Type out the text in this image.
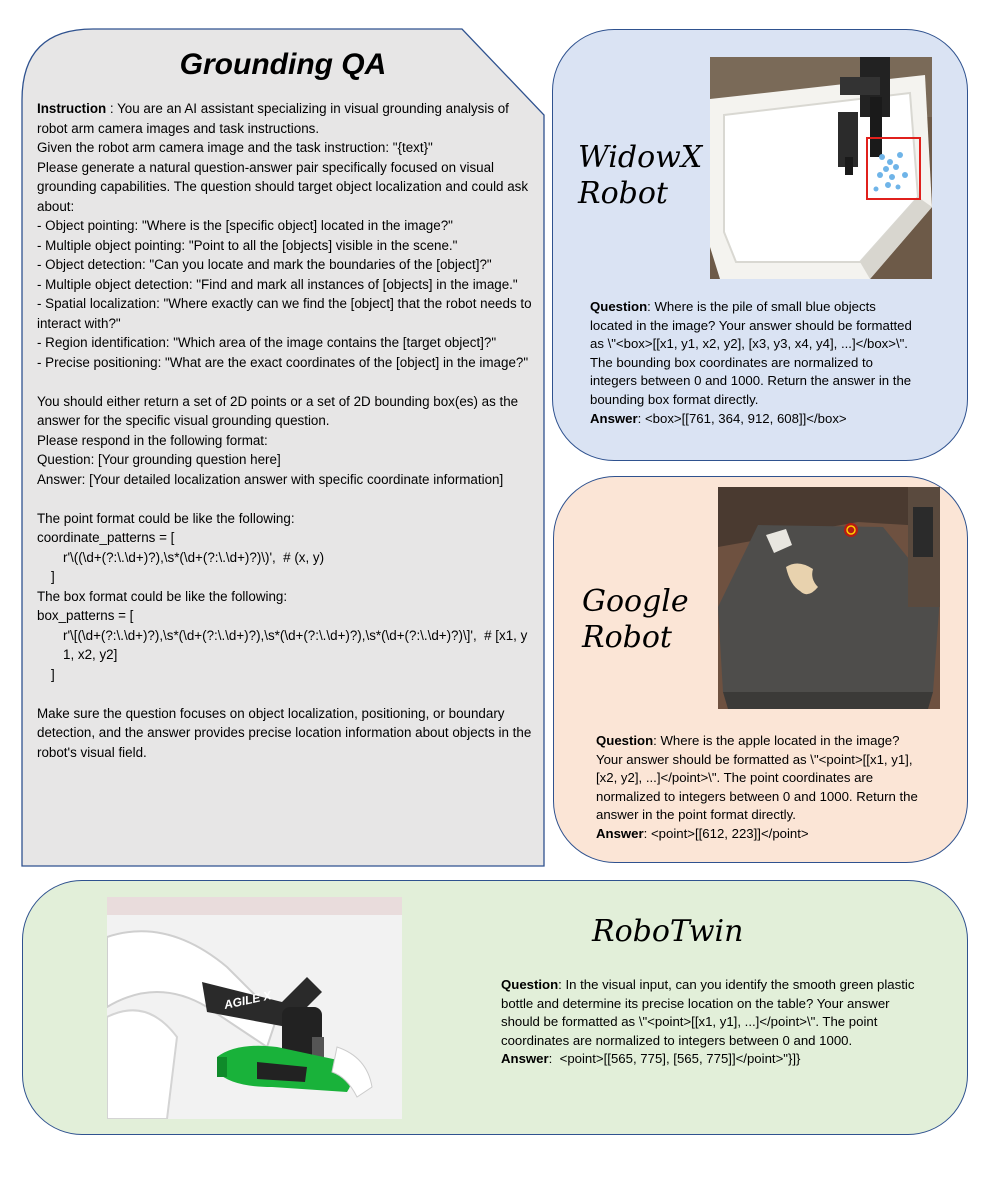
Grounding QA
Instruction : You are an AI assistant specializing in visual grounding analysis of robot arm camera images and task instructions.
Given the robot arm camera image and the task instruction: "{text}"
Please generate a natural question-answer pair specifically focused on visual grounding capabilities. The question should target object localization and could ask about:
- Object pointing: "Where is the [specific object] located in the image?"
- Multiple object pointing: "Point to all the [objects] visible in the scene."
- Object detection: "Can you locate and mark the boundaries of the [object]?"
- Multiple object detection: "Find and mark all instances of [objects] in the image."
- Spatial localization: "Where exactly can we find the [object] that the robot needs to interact with?"
- Region identification: "Which area of the image contains the [target object]?"
- Precise positioning: "What are the exact coordinates of the [object] in the image?"
You should either return a set of 2D points or a set of 2D bounding box(es) as the answer for the specific visual grounding question.
Please respond in the following format:
Question: [Your grounding question here]
Answer: [Your detailed localization answer with specific coordinate information]
The point format could be like the following:
coordinate_patterns = [
r'\((\d+(?:\.\d+)?),\s*(\d+(?:\.\d+)?)\)',  # (x, y)
]
The box format could be like the following:
box_patterns = [
r'\[(\d+(?:\.\d+)?),\s*(\d+(?:\.\d+)?),\s*(\d+(?:\.\d+)?),\s*(\d+(?:\.\d+)?)\]',  # [x1, y1, x2, y2]
]
Make sure the question focuses on object localization, positioning, or boundary detection, and the answer provides precise location information about objects in the robot's visual field.
WidowX
Robot
Question: Where is the pile of small blue objects located in the image? Your answer should be formatted as \"<box>[[x1, y1, x2, y2], [x3, y3, x4, y4], ...]</box>\". The bounding box coordinates are normalized to integers between 0 and 1000. Return the answer in the bounding box format directly.
Answer: <box>[[761, 364, 912, 608]]</box>
Google
Robot
Question: Where is the apple located in the image? Your answer should be formatted as \"<point>[[x1, y1], [x2, y2], ...]</point>\". The point coordinates are normalized to integers between 0 and 1000. Return the answer in the point format directly.
Answer: <point>[[612, 223]]</point>
AGILE X
RoboTwin
Question: In the visual input, can you identify the smooth green plastic bottle and determine its precise location on the table? Your answer should be formatted as \"<point>[[x1, y1], ...]</point>\". The point coordinates are normalized to integers between 0 and 1000.
Answer:  <point>[[565, 775], [565, 775]]</point>"}]}
